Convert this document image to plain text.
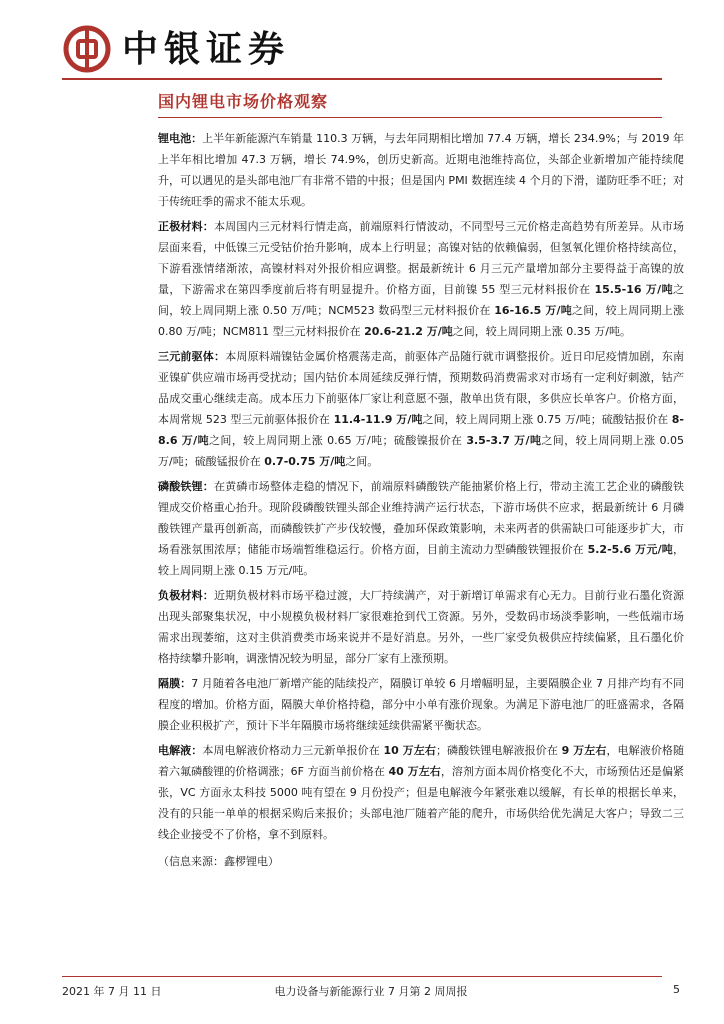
中银证券
国内锂电市场价格观察

锂电池：上半年新能源汽车销量 110.3 万辆，与去年同期相比增加 77.4 万辆，增长 234.9%；与 2019 年上半年相比增加 47.3 万辆，增长 74.9%，创历史新高。近期电池维持高位，头部企业新增加产能持续爬升，可以遇见的是头部电池厂有非常不错的中报；但是国内 PMI 数据连续 4 个月的下滑，谨防旺季不旺；对于传统旺季的需求不能太乐观。

正极材料：本周国内三元材料行情走高，前端原料行情波动，不同型号三元价格走高趋势有所差异。从市场层面来看，中低镍三元受钴价抬升影响，成本上行明显；高镍对钴的依赖偏弱，但氢氧化锂价格持续高位，下游看涨情绪渐浓，高镍材料对外报价相应调整。据最新统计 6 月三元产量增加部分主要得益于高镍的放量，下游需求在第四季度前后将有明显提升。价格方面，目前镍 55 型三元材料报价在 15.5-16 万/吨之间，较上周同期上涨 0.50 万/吨；NCM523 数码型三元材料报价在 16-16.5 万/吨之间，较上周同期上涨 0.80 万/吨；NCM811 型三元材料报价在 20.6-21.2 万/吨之间，较上周同期上涨 0.35 万/吨。

三元前驱体：本周原料端镍钴金属价格震荡走高，前驱体产品随行就市调整报价。近日印尼疫情加剧，东南亚镍矿供应端市场再受扰动；国内钴价本周延续反弹行情，预期数码消费需求对市场有一定利好刺激，钴产品成交重心继续走高。成本压力下前驱体厂家让利意愿不强，散单出货有限，多供应长单客户。价格方面，本周常规 523 型三元前驱体报价在 11.4-11.9 万/吨之间，较上周同期上涨 0.75 万/吨；硫酸钴报价在 8-8.6 万/吨之间，较上周同期上涨 0.65 万/吨；硫酸镍报价在 3.5-3.7 万/吨之间，较上周同期上涨 0.05 万/吨；硫酸锰报价在 0.7-0.75 万/吨之间。

磷酸铁锂：在黄磷市场整体走稳的情况下，前端原料磷酸铁产能抽紧价格上行，带动主流工艺企业的磷酸铁锂成交价格重心抬升。现阶段磷酸铁锂头部企业维持满产运行状态，下游市场供不应求，据最新统计 6 月磷酸铁锂产量再创新高，而磷酸铁扩产步伐较慢，叠加环保政策影响，未来两者的供需缺口可能逐步扩大，市场看涨氛围浓厚；储能市场端暂维稳运行。价格方面，目前主流动力型磷酸铁锂报价在 5.2-5.6 万元/吨，较上周同期上涨 0.15 万元/吨。

负极材料：近期负极材料市场平稳过渡，大厂持续满产，对于新增订单需求有心无力。目前行业石墨化资源出现头部聚集状况，中小规模负极材料厂家很难抢到代工资源。另外，受数码市场淡季影响，一些低端市场需求出现萎缩，这对主供消费类市场来说并不是好消息。另外，一些厂家受负极供应持续偏紧，且石墨化价格持续攀升影响，调涨情况较为明显，部分厂家有上涨预期。

隔膜：7 月随着各电池厂新增产能的陆续投产，隔膜订单较 6 月增幅明显，主要隔膜企业 7 月排产均有不同程度的增加。价格方面，隔膜大单价格持稳，部分中小单有涨价现象。为满足下游电池厂的旺盛需求，各隔膜企业积极扩产，预计下半年隔膜市场将继续延续供需紧平衡状态。

电解液：本周电解液价格动力三元新单报价在 10 万左右；磷酸铁锂电解液报价在 9 万左右，电解液价格随着六氟磷酸锂的价格调涨；6F 方面当前价格在 40 万左右，溶剂方面本周价格变化不大，市场预估还是偏紧张，VC 方面永太科技 5000 吨有望在 9 月份投产；但是电解液今年紧张难以缓解，有长单的根据长单来，没有的只能一单单的根据采购后来报价；头部电池厂随着产能的爬升，市场供给优先满足大客户；导致二三线企业接受不了价格，拿不到原料。

（信息来源：鑫椤锂电）
2021 年 7 月 11 日	电力设备与新能源行业 7 月第 2 周周报	5
